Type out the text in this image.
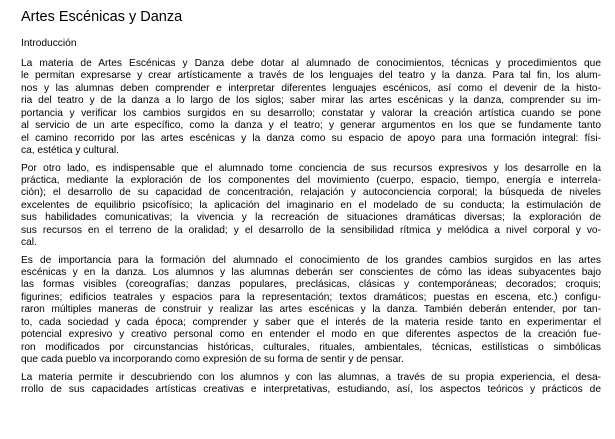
Artes Escénicas y Danza
Introducción
La materia de Artes Escénicas y Danza debe dotar al alumnado de conocimientos, técnicas y procedimientos que
le permitan expresarse y crear artísticamente a través de los lenguajes del teatro y la danza. Para tal fin, los alum-
nos y las alumnas deben comprender e interpretar diferentes lenguajes escénicos, así como el devenir de la histo-
ria del teatro y de la danza a lo largo de los siglos; saber mirar las artes escénicas y la danza, comprender su im-
portancia y verificar los cambios surgidos en su desarrollo; constatar y valorar la creación artística cuando se pone
al servicio de un arte específico, como la danza y el teatro; y generar argumentos en los que se fundamente tanto
el camino recorrido por las artes escénicas y la danza como su espacio de apoyo para una formación integral: físi-
ca, estética y cultural.
Por otro lado, es indispensable que el alumnado tome conciencia de sus recursos expresivos y los desarrolle en la
práctica, mediante la exploración de los componentes del movimiento (cuerpo, espacio, tiempo, energía e interrela-
ción); el desarrollo de su capacidad de concentración, relajación y autoconciencia corporal; la búsqueda de niveles
excelentes de equilibrio psicofísico; la aplicación del imaginario en el modelado de su conducta; la estimulación de
sus habilidades comunicativas; la vivencia y la recreación de situaciones dramáticas diversas; la exploración de
sus recursos en el terreno de la oralidad; y el desarrollo de la sensibilidad rítmica y melódica a nivel corporal y vo-
cal.
Es de importancia para la formación del alumnado el conocimiento de los grandes cambios surgidos en las artes
escénicas y en la danza. Los alumnos y las alumnas deberán ser conscientes de cómo las ideas subyacentes bajo
las formas visibles (coreografías; danzas populares, preclásicas, clásicas y contemporáneas; decorados; croquis;
figurines; edificios teatrales y espacios para la representación; textos dramáticos; puestas en escena, etc.) configu-
raron múltiples maneras de construir y realizar las artes escénicas y la danza. También deberán entender, por tan-
to, cada sociedad y cada época; comprender y saber que el interés de la materia reside tanto en experimentar el
potencial expresivo y creativo personal como en entender el modo en que diferentes aspectos de la creación fue-
ron modificados por circunstancias históricas, culturales, rituales, ambientales, técnicas, estilísticas o simbólicas
que cada pueblo va incorporando como expresión de su forma de sentir y de pensar.
La materia permite ir descubriendo con los alumnos y con las alumnas, a través de su propia experiencia, el desa-
rrollo de sus capacidades artísticas creativas e interpretativas, estudiando, así, los aspectos teóricos y prácticos de
